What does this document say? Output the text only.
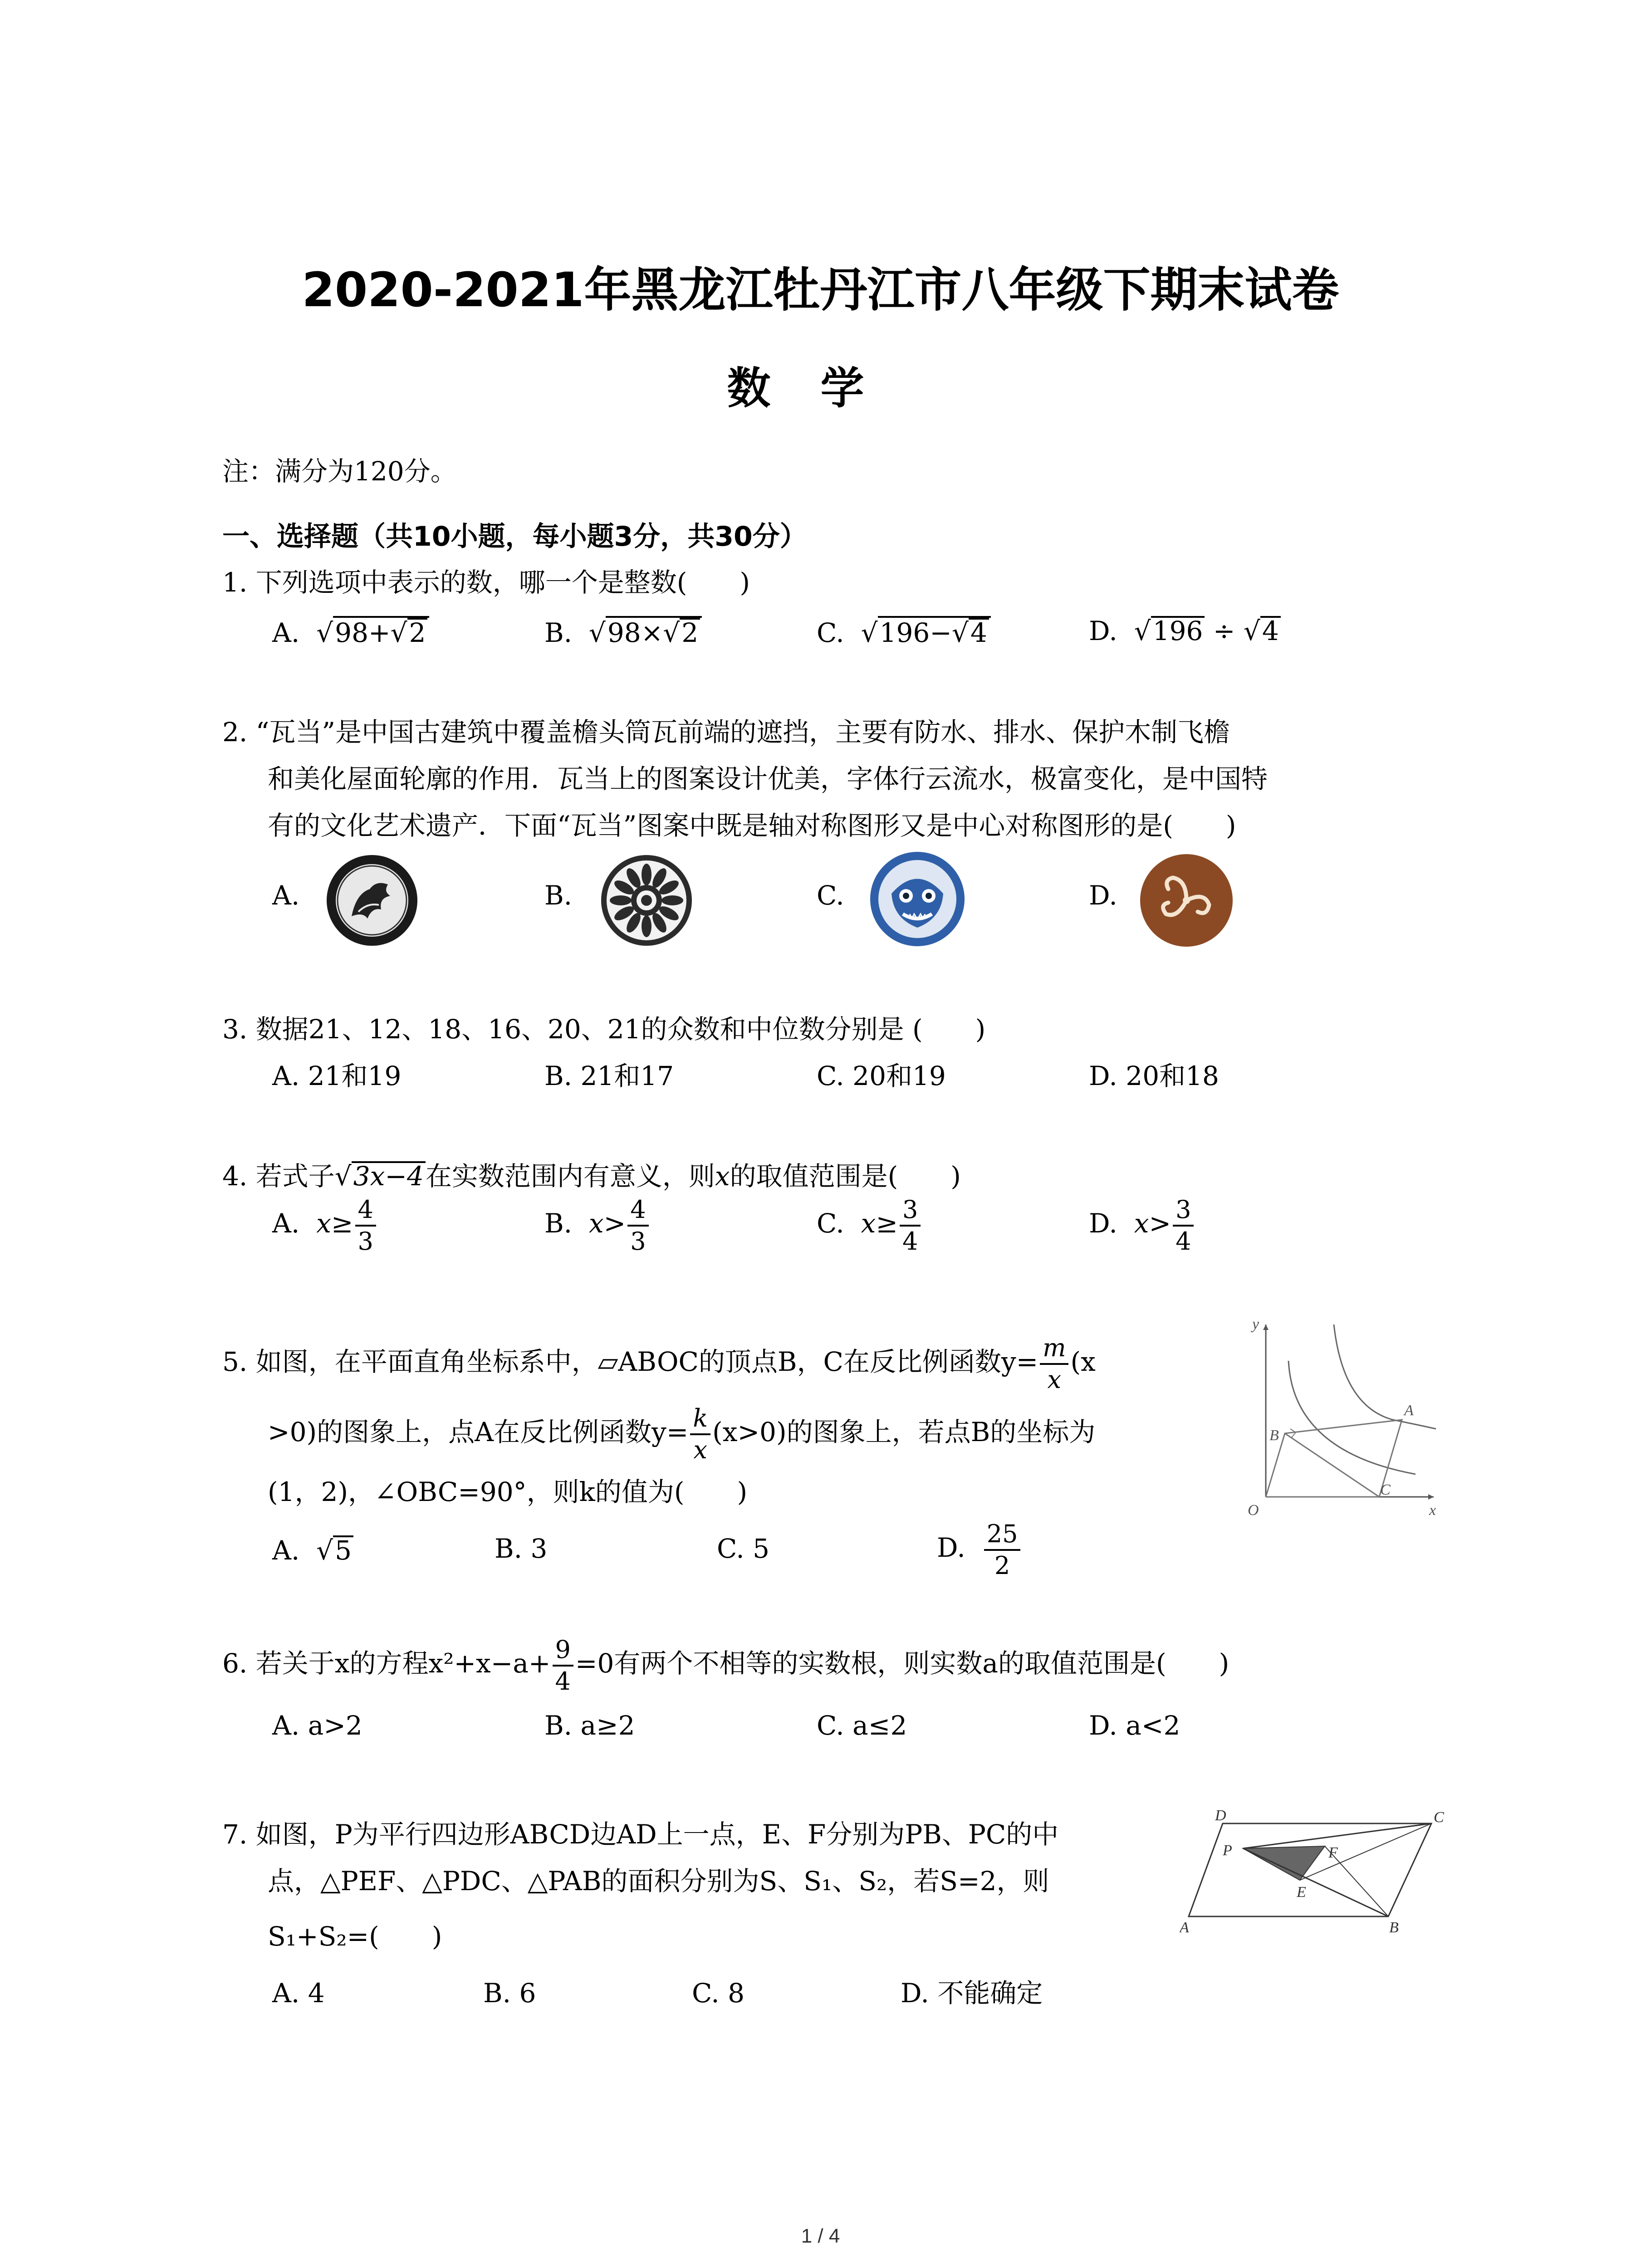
2020-2021年黑龙江牡丹江市八年级下期末试卷
数学
注：满分为120分。
一、选择题（共10小题，每小题3分，共30分）
1. 下列选项中表示的数，哪一个是整数(　　)
A.  √98+√2	B.  √98×√2	C.  √196−√4	D.  √196 ÷ √4
2. “瓦当”是中国古建筑中覆盖檐头筒瓦前端的遮挡，主要有防水、排水、保护木制飞檐
和美化屋面轮廓的作用．瓦当上的图案设计优美，字体行云流水，极富变化，是中国特
有的文化艺术遗产．下面“瓦当”图案中既是轴对称图形又是中心对称图形的是(　　)
A.	B.	C.	D.
3. 数据21、12、18、16、20、21的众数和中位数分别是 (　　)
A. 21和19	B. 21和17	C. 20和19	D. 20和18
4. 若式子√3x−4在实数范围内有意义，则x的取值范围是(　　)
A. $x\ge \frac{4}{3}$	B. $x> \frac{4}{3}$	C. $x\ge \frac{3}{4}$	D. $x> \frac{3}{4}$
5. 如图，在平面直角坐标系中，▱ABOC的顶点B，C在反比例函数$y= \frac{m}{x} (x$
>0)的图象上，点A在反比例函数$y= \frac{k}{x} (x>0)$的图象上，若点B的坐标为
(1，2)，∠OBC=90°，则k的值为(　　)
A.  √5	B. 3	C. 5	D. $\frac{25}{2}$
y
x
O
A
B
C
6. 若关于x的方程$x^2+x-a+ \frac{9}{4} =0$有两个不相等的实数根，则实数a的取值范围是(　　)
A. a>2	B. a≥2	C. a≤2	D. a<2
7. 如图，P为平行四边形ABCD边AD上一点，E、F分别为PB、PC的中
点，△PEF、△PDC、△PAB的面积分别为S、S₁、S₂，若S=2，则
S₁+S₂=(　　)
A. 4	B. 6	C. 8	D. 不能确定
D	C
P	F
E
A	B
1 / 4
